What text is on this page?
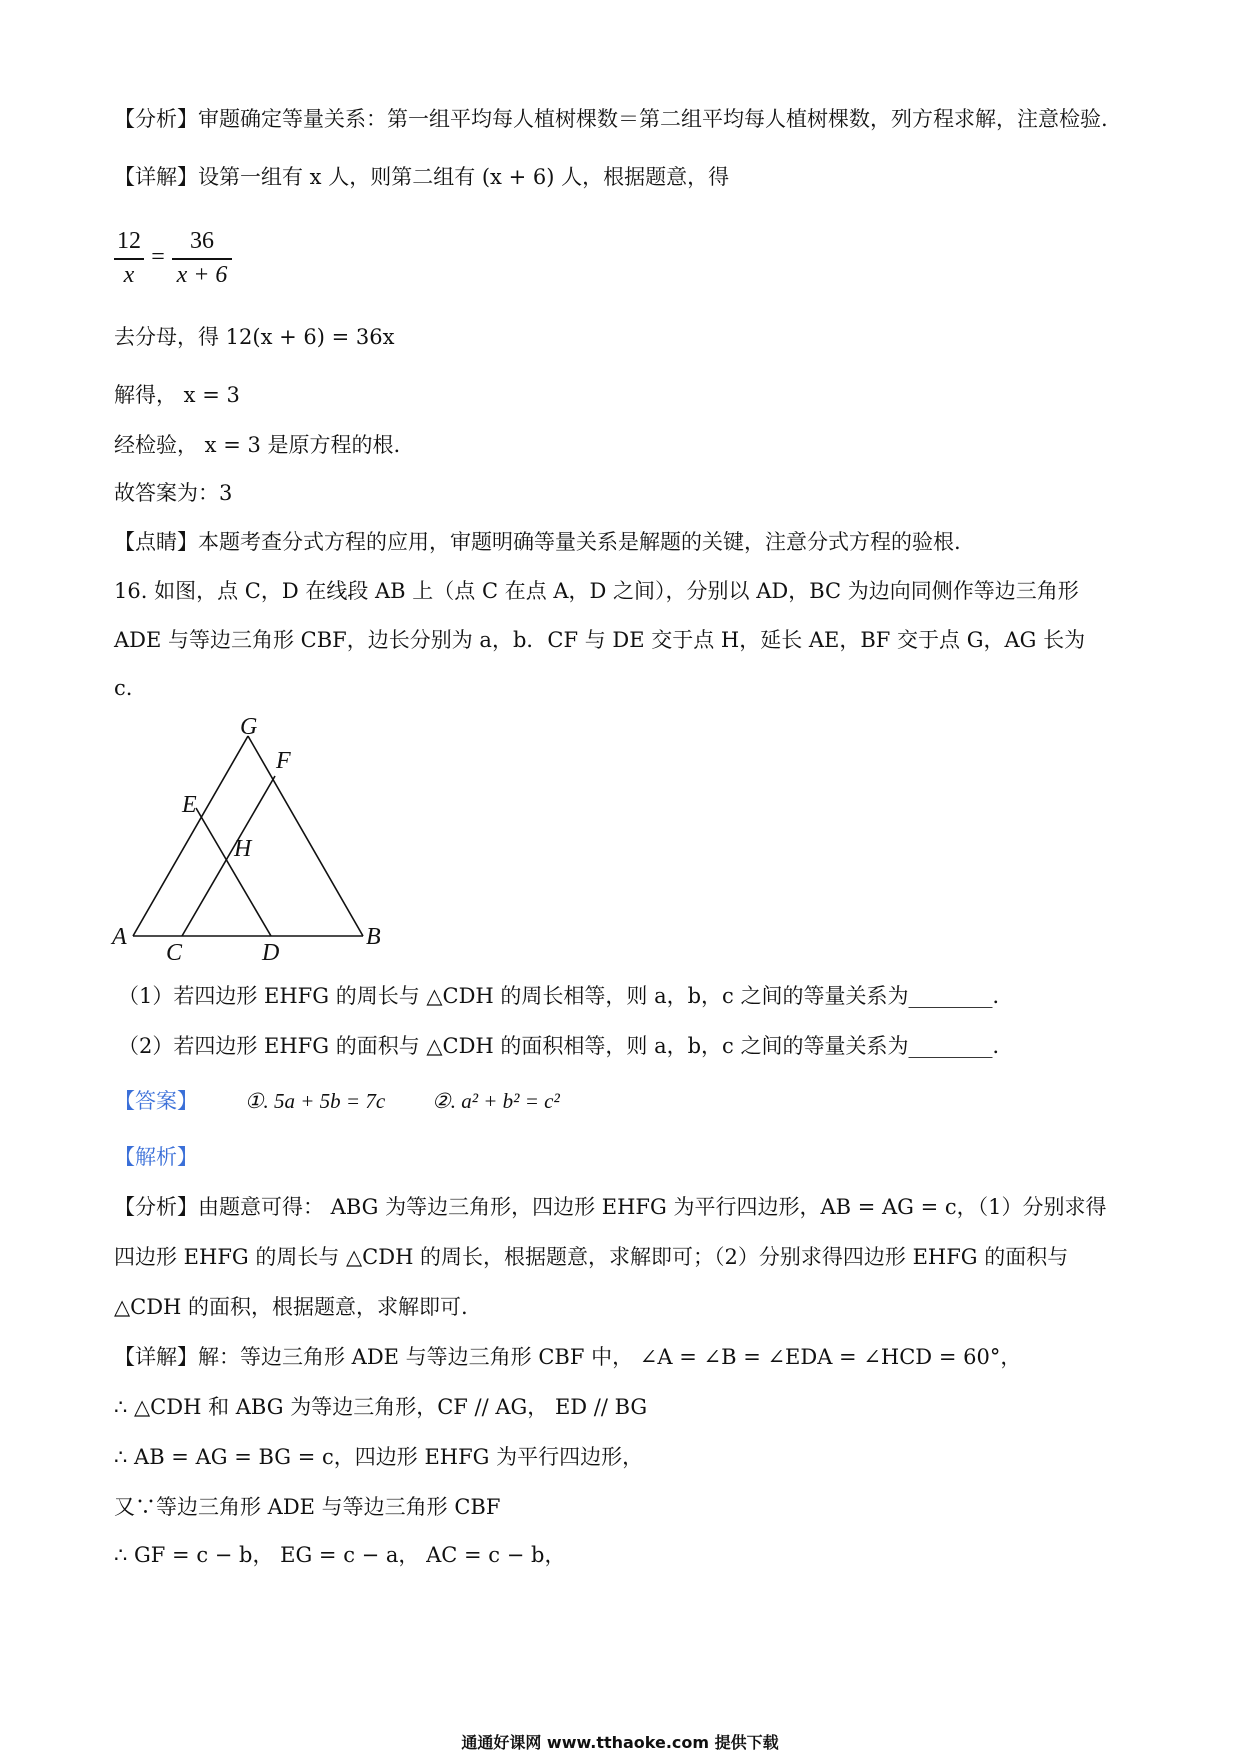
【分析】审题确定等量关系：第一组平均每人植树棵数＝第二组平均每人植树棵数，列方程求解，注意检验.
【详解】设第一组有 x 人，则第二组有 (x + 6) 人，根据题意，得
12
x
=
36
x + 6
去分母，得 12(x + 6) = 36x
解得， x = 3
经检验， x = 3 是原方程的根.
故答案为：3
【点睛】本题考查分式方程的应用，审题明确等量关系是解题的关键，注意分式方程的验根.
16. 如图，点 C，D 在线段 AB 上（点 C 在点 A，D 之间），分别以 AD，BC 为边向同侧作等边三角形
ADE 与等边三角形 CBF，边长分别为 a，b．CF 与 DE 交于点 H，延长 AE，BF 交于点 G，AG 长为
c.
G
F
E
H
A
C	D
B
（1）若四边形 EHFG 的周长与 △CDH 的周长相等，则 a，b，c 之间的等量关系为________．
（2）若四边形 EHFG 的面积与 △CDH 的面积相等，则 a，b，c 之间的等量关系为________．
【答案】 ①. 5a + 5b = 7c ②. a² + b² = c²
【解析】
【分析】由题意可得： ABG 为等边三角形，四边形 EHFG 为平行四边形，AB = AG = c，（1）分别求得
四边形 EHFG 的周长与 △CDH 的周长，根据题意，求解即可；（2）分别求得四边形 EHFG 的面积与
△CDH 的面积，根据题意，求解即可.
【详解】解：等边三角形 ADE 与等边三角形 CBF 中， ∠A = ∠B = ∠EDA = ∠HCD = 60°，
∴ △CDH 和 ABG 为等边三角形，CF // AG， ED // BG
∴ AB = AG = BG = c，四边形 EHFG 为平行四边形，
又∵等边三角形 ADE 与等边三角形 CBF
∴ GF = c − b， EG = c − a， AC = c − b，
通通好课网 www.tthaoke.com 提供下载
